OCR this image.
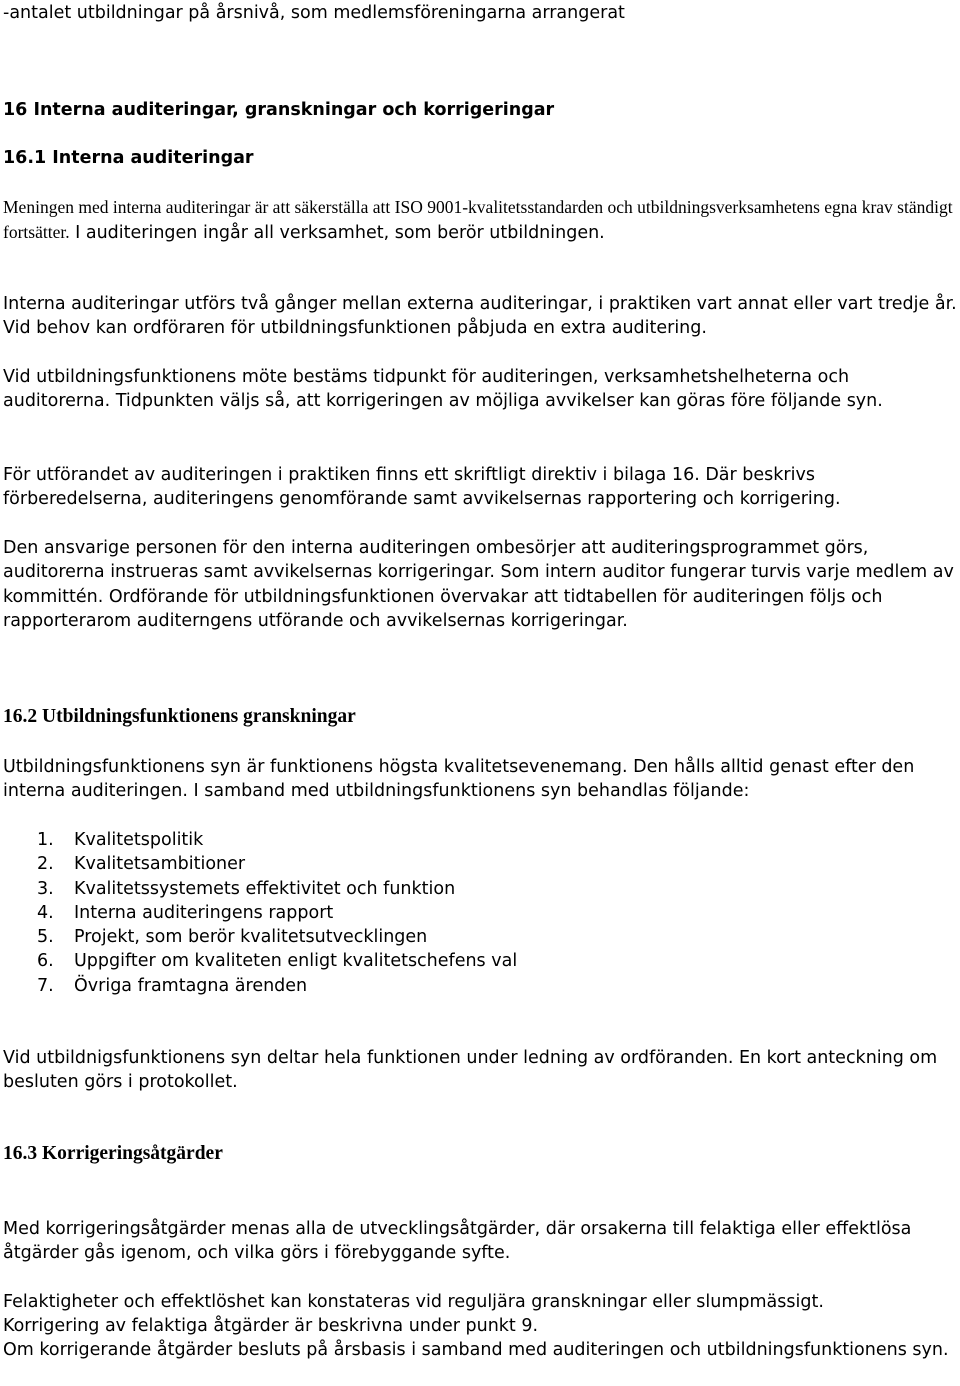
-antalet utbildningar på årsnivå, som medlemsföreningarna arrangerat

16 Interna auditeringar, granskningar och korrigeringar

16.1 Interna auditeringar

Meningen med interna auditeringar är att säkerställa att ISO 9001-kvalitetsstandarden och utbildningsverksamhetens egna krav ständigt fortsätter. I auditeringen ingår all verksamhet, som berör utbildningen.

Interna auditeringar utförs två gånger mellan externa auditeringar, i praktiken vart annat eller vart tredje år. Vid behov kan ordföraren för utbildningsfunktionen påbjuda en extra auditering.

Vid utbildningsfunktionens möte bestäms tidpunkt för auditeringen, verksamhetshelheterna och auditorerna. Tidpunkten väljs så, att korrigeringen av möjliga avvikelser kan göras före följande syn.

För utförandet av auditeringen i praktiken finns ett skriftligt direktiv i bilaga 16. Där beskrivs förberedelserna, auditeringens genomförande samt avvikelsernas rapportering och korrigering.

Den ansvarige personen för den interna auditeringen ombesörjer att auditeringsprogrammet görs, auditorerna instrueras samt avvikelsernas korrigeringar. Som intern auditor fungerar turvis varje medlem av kommittén. Ordförande för utbildningsfunktionen övervakar att tidtabellen för auditeringen följs och rapporterarom auditerngens utförande och avvikelsernas korrigeringar.

16.2 Utbildningsfunktionens granskningar

Utbildningsfunktionens syn är funktionens högsta kvalitetsevenemang. Den hålls alltid genast efter den interna auditeringen. I samband med utbildningsfunktionens syn behandlas följande:

1. Kvalitetspolitik
2. Kvalitetsambitioner
3. Kvalitetssystemets effektivitet och funktion
4. Interna auditeringens rapport
5. Projekt, som berör kvalitetsutvecklingen
6. Uppgifter om kvaliteten enligt kvalitetschefens val
7. Övriga framtagna ärenden

Vid utbildnigsfunktionens syn deltar hela funktionen under ledning av ordföranden. En kort anteckning om besluten görs i protokollet.

16.3 Korrigeringsåtgärder

Med korrigeringsåtgärder menas alla de utvecklingsåtgärder, där orsakerna till felaktiga eller effektlösa åtgärder gås igenom, och vilka görs i förebyggande syfte.

Felaktigheter och effektlöshet kan konstateras vid reguljära granskningar eller slumpmässigt.

Korrigering av felaktiga åtgärder är beskrivna under punkt 9.

Om korrigerande åtgärder besluts på årsbasis i samband med auditeringen och utbildningsfunktionens syn.
